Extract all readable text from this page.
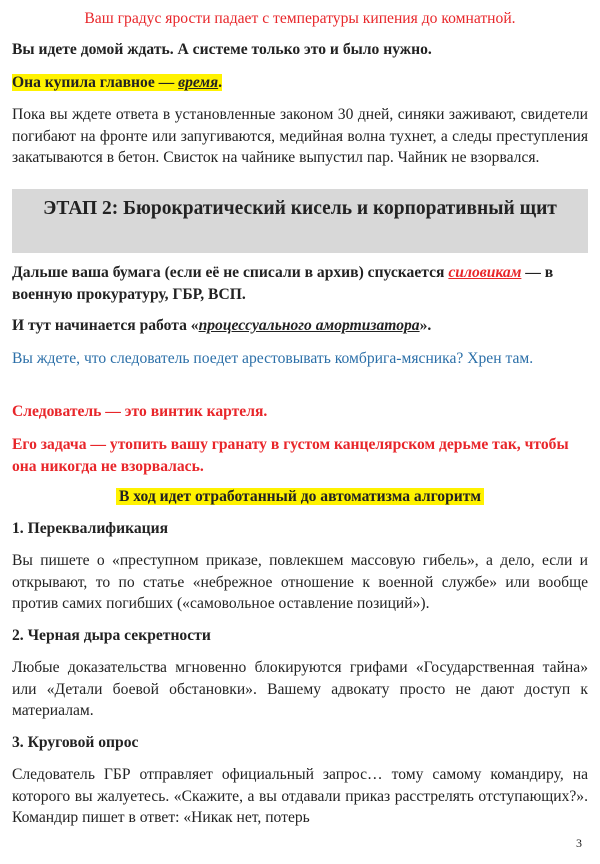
Ваш градус ярости падает с температуры кипения до комнатной.

Вы идете домой ждать. А системе только это и было нужно.

Она купила главное — время.

Пока вы ждете ответа в установленные законом 30 дней, синяки заживают, свидетели погибают на фронте или запугиваются, медийная волна тухнет, а следы преступления закатываются в бетон. Свисток на чайнике выпустил пар. Чайник не взорвался.

ЭТАП 2: Бюрократический кисель и корпоративный щит

Дальше ваша бумага (если её не списали в архив) спускается силовикам — в военную прокуратуру, ГБР, ВСП.

И тут начинается работа «процессуального амортизатора».

Вы ждете, что следователь поедет арестовывать комбрига-мясника? Хрен там.

Следователь — это винтик картеля.

Его задача — утопить вашу гранату в густом канцелярском дерьме так, чтобы она никогда не взорвалась.

В ход идет отработанный до автоматизма алгоритм

1. Переквалификация

Вы пишете о «преступном приказе, повлекшем массовую гибель», а дело, если и открывают, то по статье «небрежное отношение к военной службе» или вообще против самих погибших («самовольное оставление позиций»).

2. Черная дыра секретности

Любые доказательства мгновенно блокируются грифами «Государственная тайна» или «Детали боевой обстановки». Вашему адвокату просто не дают доступ к материалам.

3. Круговой опрос

Следователь ГБР отправляет официальный запрос… тому самому командиру, на которого вы жалуетесь. «Скажите, а вы отдавали приказ расстрелять отступающих?». Командир пишет в ответ: «Никак нет, потерь

3
